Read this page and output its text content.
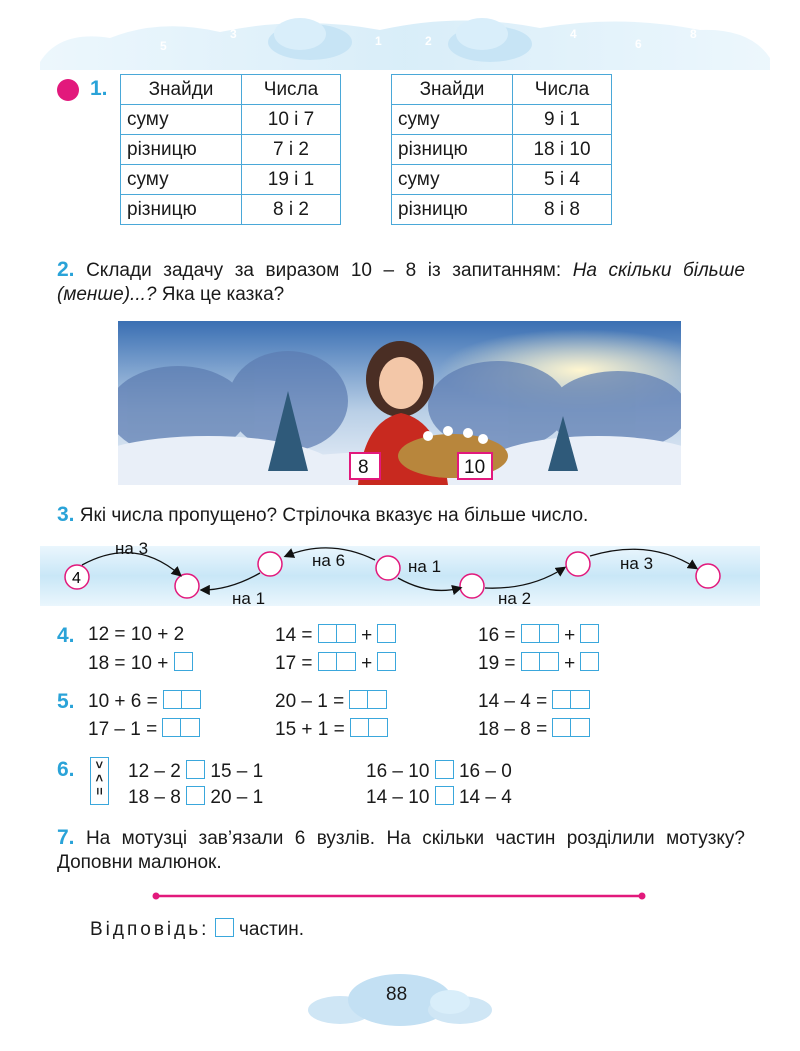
7
5
3	1
0
2	4
6
8
1. Знайди	Числа
суму	10 і 7
різницю	7 і 2
суму	19 і 1
різницю	8 і 2
Знайди	Числа
суму	9 і 1
різницю	18 і 10
суму	5 і 4
різницю	8 і 8
2. Склади задачу за виразом 10 – 8 із запитанням: На скільки більше (менше)...? Яка це казка?
8	10
3. Які числа пропущено? Стрілочка вказує на більше число.
4
на 3
на 1
на 6	на 1
на 2
на 3
4. 12 = 10 + 2	14 =	+	16 =	+
18 = 10 +	17 =	+	19 =	+
5. 10 + 6 =	20 – 1 =	14 – 4 =
17 – 1 =	15 + 1 =	18 – 8 =
6. > < = 12 – 2 15 – 1	16 – 10 16 – 0
18 – 8 20 – 1	14 – 10 14 – 4
7. На мотузці зав’язали 6 вузлів. На скільки частин розділили мотузку? Доповни малюнок.
Відповідь: частин.
88
